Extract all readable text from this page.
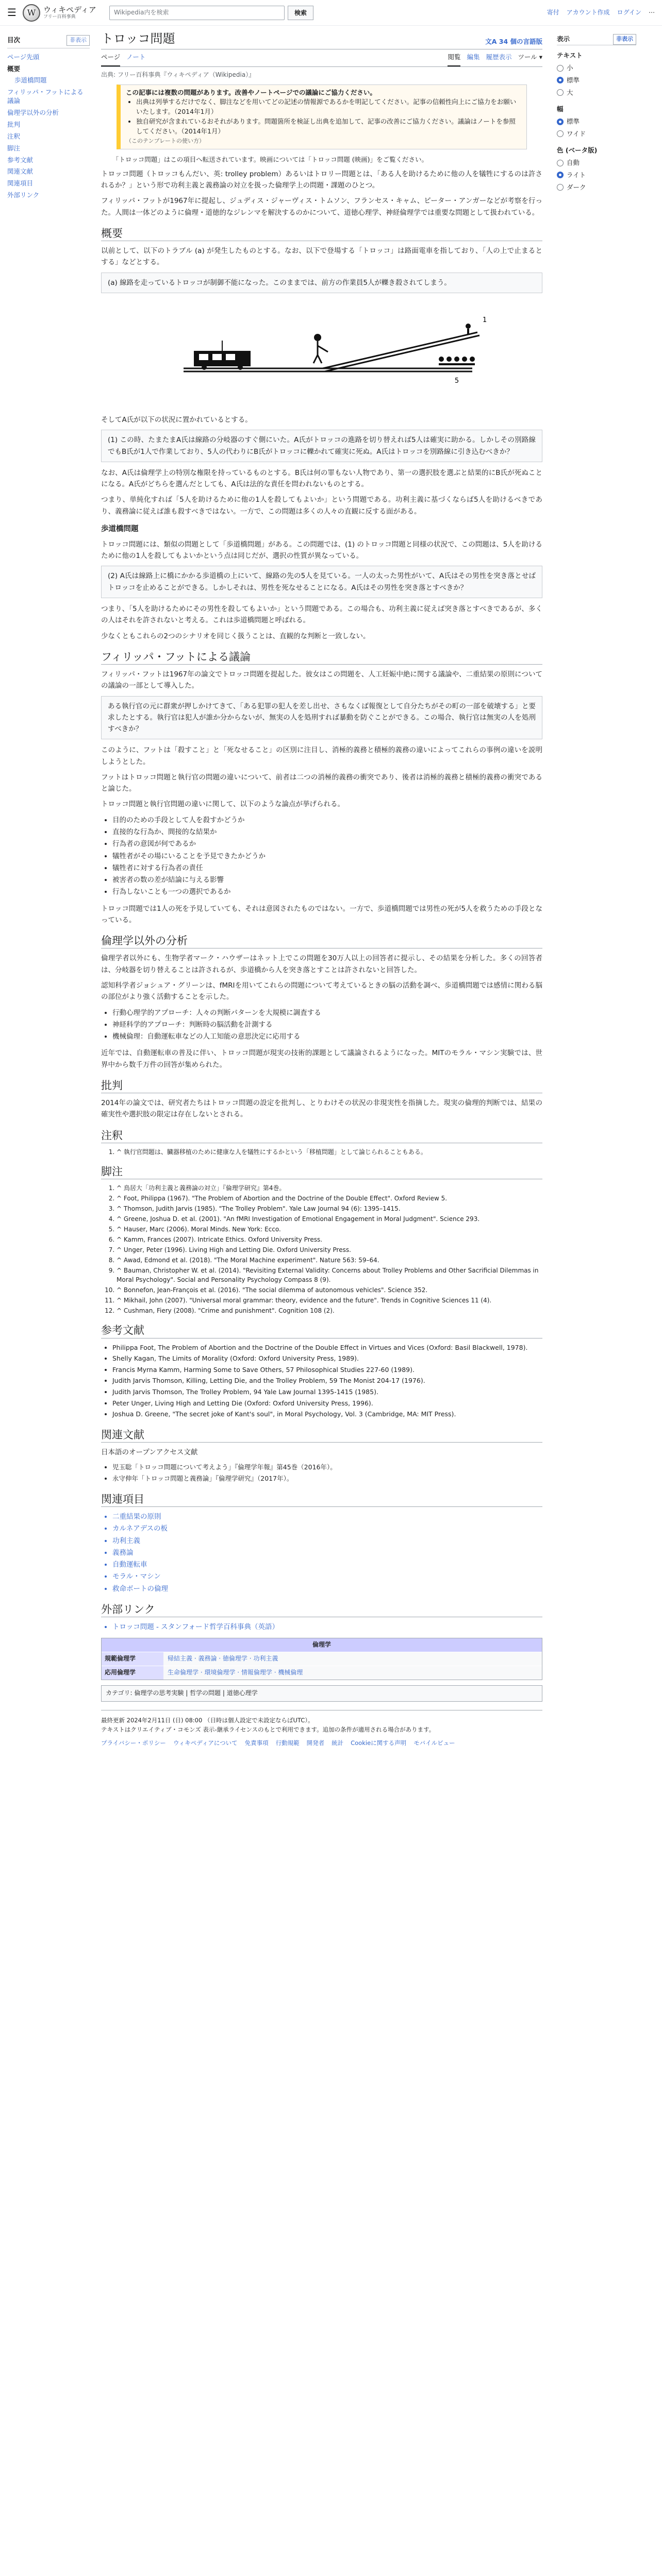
☰	W ウィキペディア
フリー百科事典
Wikipedia内を検索	検索	寄付 アカウント作成 ログイン ⋯
目次	非表示
ページ先頭
概要
歩道橋問題
フィリッパ・フットによる議論
倫理学以外の分析
批判
注釈
脚注
参考文献
関連文献
関連項目
外部リンク
トロッコ問題	文A 34 個の言語版
ページ ノート	閲覧 編集 履歴表示 ツール ▾
出典: フリー百科事典『ウィキペディア（Wikipedia）』
この記事には複数の問題があります。改善やノートページでの議論にご協力ください。
• 出典は列挙するだけでなく、脚注などを用いてどの記述の情報源であるかを明記してください。記事の信頼性向上にご協力をお願いいたします。（2014年1月）
• 独自研究が含まれているおそれがあります。問題箇所を検証し出典を追加して、記事の改善にご協力ください。議論はノートを参照してください。（2014年1月）
（このテンプレートの使い方）
「トロッコ問題」はこの項目へ転送されています。映画については「トロッコ問題 (映画)」をご覧ください。

トロッコ問題（トロッコもんだい、英: trolley problem）あるいはトロリー問題とは、「ある人を助けるために他の人を犠牲にするのは許されるか？」という形で功利主義と義務論の対立を扱った倫理学上の問題・課題のひとつ。

フィリッパ・フットが1967年に提起し、ジュディス・ジャーヴィス・トムソン、フランセス・キャム、ピーター・アンガーなどが考察を行った。人間は一体どのように倫理・道徳的なジレンマを解決するのかについて、道徳心理学、神経倫理学では重要な問題として扱われている。

概要

以前として、以下のトラブル (a) が発生したものとする。なお、以下で登場する「トロッコ」は路面電車を指しており、「人の上で止まるとする」などとする。

(a) 線路を走っているトロッコが制御不能になった。このままでは、前方の作業員5人が轢き殺されてしまう。
5
1

そしてA氏が以下の状況に置かれているとする。

(1) この時、たまたまA氏は線路の分岐器のすぐ側にいた。A氏がトロッコの進路を切り替えれば5人は確実に助かる。しかしその別路線でもB氏が1人で作業しており、5人の代わりにB氏がトロッコに轢かれて確実に死ぬ。A氏はトロッコを別路線に引き込むべきか？

なお、A氏は倫理学上の特別な権限を持っているものとする。B氏は何の罪もない人物であり、第一の選択肢を選ぶと結果的にB氏が死ぬことになる。A氏がどちらを選んだとしても、A氏は法的な責任を問われないものとする。

つまり、単純化すれば「5人を助けるために他の1人を殺してもよいか」という問題である。功利主義に基づくならば5人を助けるべきであり、義務論に従えば誰も殺すべきではない。一方で、この問題は多くの人々の直観に反する面がある。

歩道橋問題

トロッコ問題には、類似の問題として「歩道橋問題」がある。この問題では、(1) のトロッコ問題と同様の状況で、この問題は、5人を助けるために他の1人を殺してもよいかという点は同じだが、選択の性質が異なっている。

(2) A氏は線路上に橋にかかる歩道橋の上にいて、線路の先の5人を見ている。一人の太った男性がいて、A氏はその男性を突き落とせばトロッコを止めることができる。しかしそれは、男性を死なせることになる。A氏はその男性を突き落とすべきか？

つまり、「5人を助けるためにその男性を殺してもよいか」という問題である。この場合も、功利主義に従えば突き落とすべきであるが、多くの人はそれを許されないと考える。これは歩道橋問題と呼ばれる。

少なくともこれらの2つのシナリオを同じく扱うことは、直観的な判断と一致しない。

フィリッパ・フットによる議論

フィリッパ・フットは1967年の論文でトロッコ問題を提起した。彼女はこの問題を、人工妊娠中絶に関する議論や、二重結果の原則についての議論の一部として導入した。

ある執行官の元に群衆が押しかけてきて、「ある犯罪の犯人を差し出せ、さもなくば報復として自分たちがその町の一部を破壊する」と要求したとする。執行官は犯人が誰か分からないが、無実の人を処刑すれば暴動を防ぐことができる。この場合、執行官は無実の人を処刑すべきか？

このように、フットは「殺すこと」と「死なせること」の区別に注目し、消極的義務と積極的義務の違いによってこれらの事例の違いを説明しようとした。

フットはトロッコ問題と執行官の問題の違いについて、前者は二つの消極的義務の衝突であり、後者は消極的義務と積極的義務の衝突であると論じた。

トロッコ問題と執行官問題の違いに関して、以下のような論点が挙げられる。

• 目的のための手段として人を殺すかどうか
• 直接的な行為か、間接的な結果か
• 行為者の意図が何であるか
• 犠牲者がその場にいることを予見できたかどうか
• 犠牲者に対する行為者の責任
• 被害者の数の差が結論に与える影響
• 行為しないことも一つの選択であるか

トロッコ問題では1人の死を予見していても、それは意図されたものではない。一方で、歩道橋問題では男性の死が5人を救うための手段となっている。

倫理学以外の分析

倫理学者以外にも、生物学者マーク・ハウザーはネット上でこの問題を30万人以上の回答者に提示し、その結果を分析した。多くの回答者は、分岐器を切り替えることは許されるが、歩道橋から人を突き落とすことは許されないと回答した。

認知科学者ジョシュア・グリーンは、fMRIを用いてこれらの問題について考えているときの脳の活動を調べ、歩道橋問題では感情に関わる脳の部位がより強く活動することを示した。

• 行動心理学的アプローチ：人々の判断パターンを大規模に調査する
• 神経科学的アプローチ：判断時の脳活動を計測する
• 機械倫理：自動運転車などの人工知能の意思決定に応用する

近年では、自動運転車の普及に伴い、トロッコ問題が現実の技術的課題として議論されるようになった。MITのモラル・マシン実験では、世界中から数千万件の回答が集められた。

批判

2014年の論文では、研究者たちはトロッコ問題の設定を批判し、とりわけその状況の非現実性を指摘した。現実の倫理的判断では、結果の確実性や選択肢の限定は存在しないとされる。

注釈
1. ^ 執行官問題は、臓器移植のために健康な人を犠牲にするかという「移植問題」として論じられることもある。
脚注
1. ^ 鳥居大「功利主義と義務論の対立」『倫理学研究』第4巻。
2. ^ Foot, Philippa (1967). "The Problem of Abortion and the Doctrine of the Double Effect". Oxford Review 5.
3. ^ Thomson, Judith Jarvis (1985). "The Trolley Problem". Yale Law Journal 94 (6): 1395–1415.
4. ^ Greene, Joshua D. et al. (2001). "An fMRI Investigation of Emotional Engagement in Moral Judgment". Science 293.
5. ^ Hauser, Marc (2006). Moral Minds. New York: Ecco.
6. ^ Kamm, Frances (2007). Intricate Ethics. Oxford University Press.
7. ^ Unger, Peter (1996). Living High and Letting Die. Oxford University Press.
8. ^ Awad, Edmond et al. (2018). "The Moral Machine experiment". Nature 563: 59–64.
9. ^ Bauman, Christopher W. et al. (2014). "Revisiting External Validity: Concerns about Trolley Problems and Other Sacrificial Dilemmas in Moral Psychology". Social and Personality Psychology Compass 8 (9).
10. ^ Bonnefon, Jean-François et al. (2016). "The social dilemma of autonomous vehicles". Science 352.
11. ^ Mikhail, John (2007). "Universal moral grammar: theory, evidence and the future". Trends in Cognitive Sciences 11 (4).
12. ^ Cushman, Fiery (2008). "Crime and punishment". Cognition 108 (2).
参考文献
• Philippa Foot, The Problem of Abortion and the Doctrine of the Double Effect in Virtues and Vices (Oxford: Basil Blackwell, 1978).
• Shelly Kagan, The Limits of Morality (Oxford: Oxford University Press, 1989).
• Francis Myrna Kamm, Harming Some to Save Others, 57 Philosophical Studies 227-60 (1989).
• Judith Jarvis Thomson, Killing, Letting Die, and the Trolley Problem, 59 The Monist 204-17 (1976).
• Judith Jarvis Thomson, The Trolley Problem, 94 Yale Law Journal 1395-1415 (1985).
• Peter Unger, Living High and Letting Die (Oxford: Oxford University Press, 1996).
• Joshua D. Greene, "The secret joke of Kant's soul", in Moral Psychology, Vol. 3 (Cambridge, MA: MIT Press).
関連文献

日本語のオープンアクセス文献

• 児玉聡「トロッコ問題について考えよう」『倫理学年報』第45巻（2016年）。
• 永守伸年「トロッコ問題と義務論」『倫理学研究』（2017年）。
関連項目
• 二重結果の原則
• カルネアデスの板
• 功利主義
• 義務論
• 自動運転車
• モラル・マシン
• 救命ボートの倫理
外部リンク
• トロッコ問題 - スタンフォード哲学百科事典（英語）
倫理学
規範倫理学	帰結主義 · 義務論 · 徳倫理学 · 功利主義
応用倫理学	生命倫理学 · 環境倫理学 · 情報倫理学 · 機械倫理
カテゴリ: 倫理学の思考実験 | 哲学の問題 | 道徳心理学
最終更新 2024年2月11日 (日) 08:00 （日時は個人設定で未設定ならばUTC）。
テキストはクリエイティブ・コモンズ 表示-継承ライセンスのもとで利用できます。追加の条件が適用される場合があります。
プライバシー・ポリシー ウィキペディアについて 免責事項 行動規範 開発者 統計 Cookieに関する声明 モバイルビュー
表示	非表示
テキスト
小
標準
大
幅
標準
ワイド
色 (ベータ版)
自動
ライト
ダーク
